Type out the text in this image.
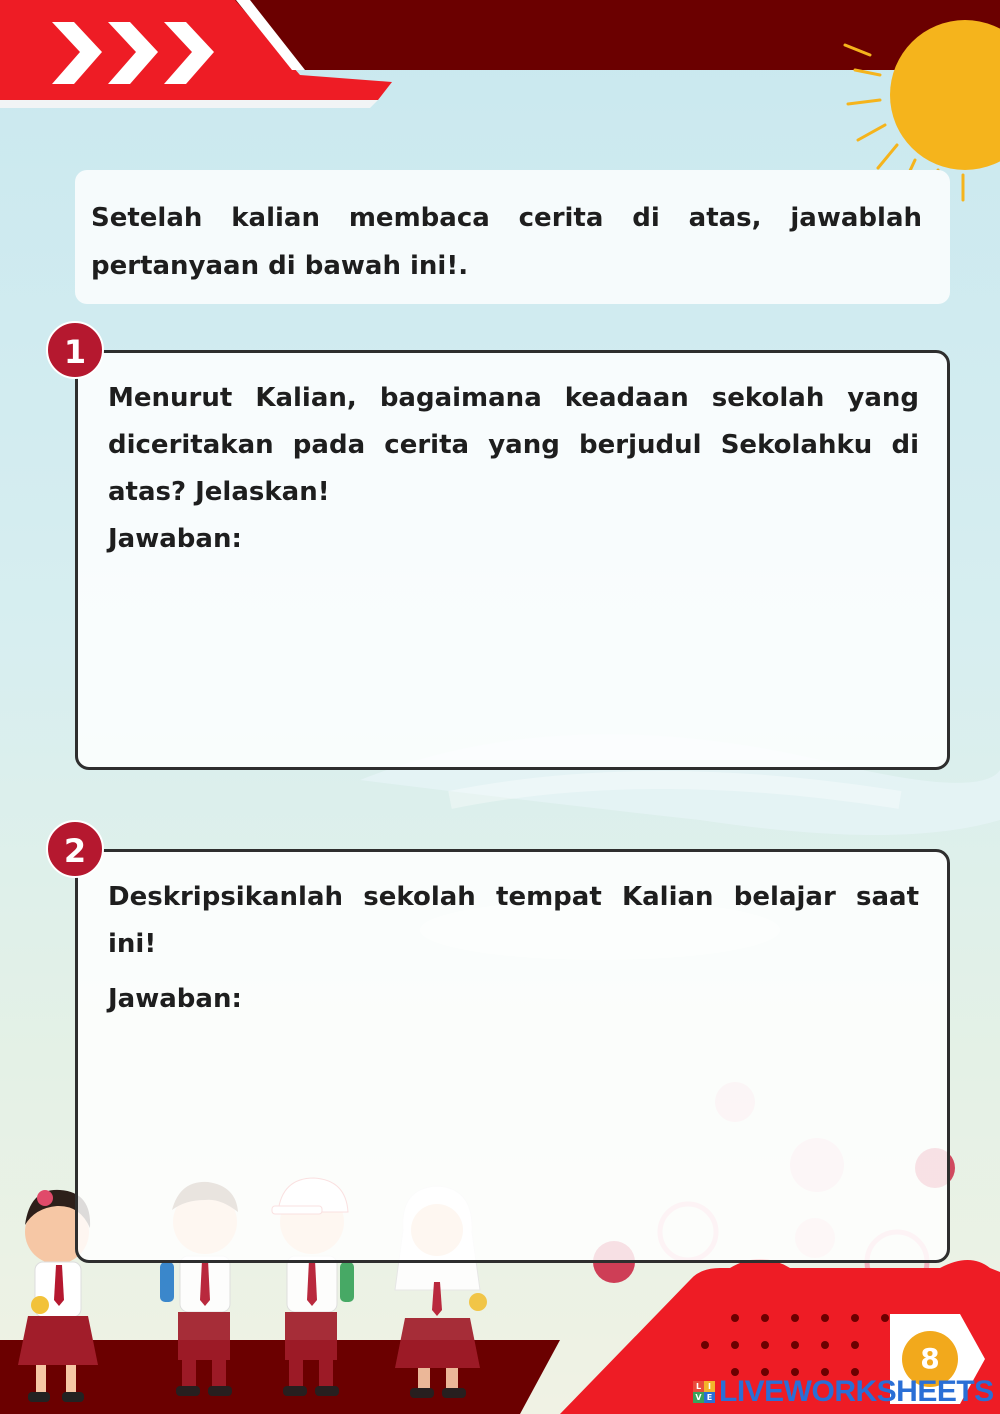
Setelah kalian membaca cerita di atas, jawablah pertanyaan di bawah ini!.

Menurut Kalian, bagaimana keadaan sekolah yang diceritakan pada cerita yang berjudul Sekolahku di atas? Jelaskan!

Jawaban:

1

Deskripsikanlah sekolah tempat Kalian belajar saat ini!

Jawaban:

2
8
L I
V E LIVEWORKSHEETS
